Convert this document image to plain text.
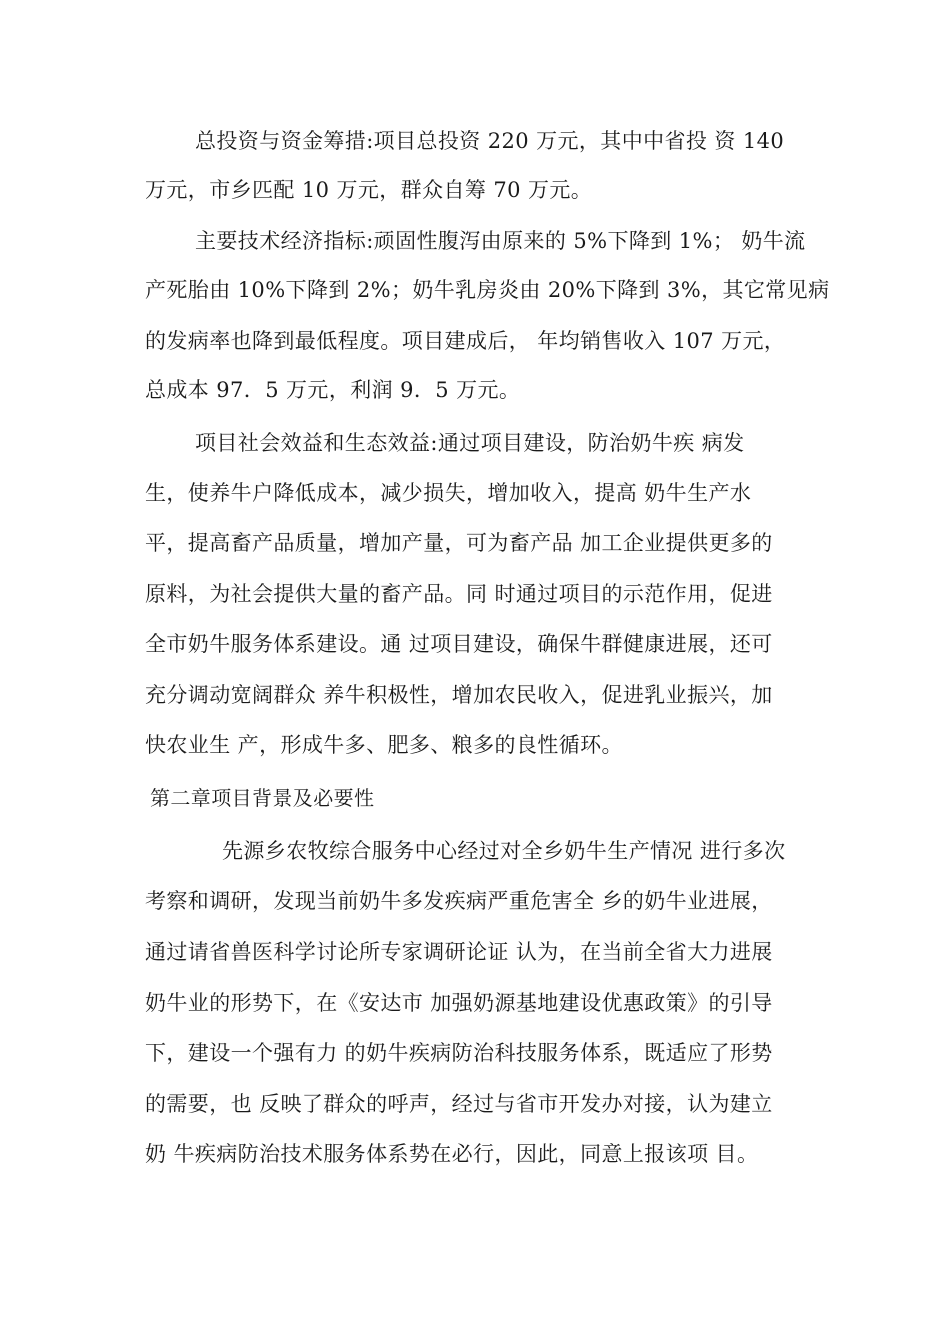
总投资与资金筹措:项目总投资 220 万元，其中中省投 资 140
万元，市乡匹配 10 万元，群众自筹 70 万元。
主要技术经济指标:顽固性腹泻由原来的 5%下降到 1%； 奶牛流
产死胎由 10%下降到 2%；奶牛乳房炎由 20%下降到 3%，其它常见病
的发病率也降到最低程度。项目建成后， 年均销售收入 107 万元，
总成本 97．5 万元，利润 9．5 万元。
项目社会效益和生态效益:通过项目建设，防治奶牛疾 病发
生，使养牛户降低成本，减少损失，增加收入，提高 奶牛生产水
平，提高畜产品质量，增加产量，可为畜产品 加工企业提供更多的
原料，为社会提供大量的畜产品。同 时通过项目的示范作用，促进
全市奶牛服务体系建设。通 过项目建设，确保牛群健康进展，还可
充分调动宽阔群众 养牛积极性，增加农民收入，促进乳业振兴，加
快农业生 产，形成牛多、肥多、粮多的良性循环。
第二章项目背景及必要性
先源乡农牧综合服务中心经过对全乡奶牛生产情况 进行多次
考察和调研，发现当前奶牛多发疾病严重危害全 乡的奶牛业进展，
通过请省兽医科学讨论所专家调研论证 认为，在当前全省大力进展
奶牛业的形势下，在《安达市 加强奶源基地建设优惠政策》的引导
下，建设一个强有力 的奶牛疾病防治科技服务体系，既适应了形势
的需要，也 反映了群众的呼声，经过与省市开发办对接，认为建立
奶 牛疾病防治技术服务体系势在必行，因此，同意上报该项 目。
